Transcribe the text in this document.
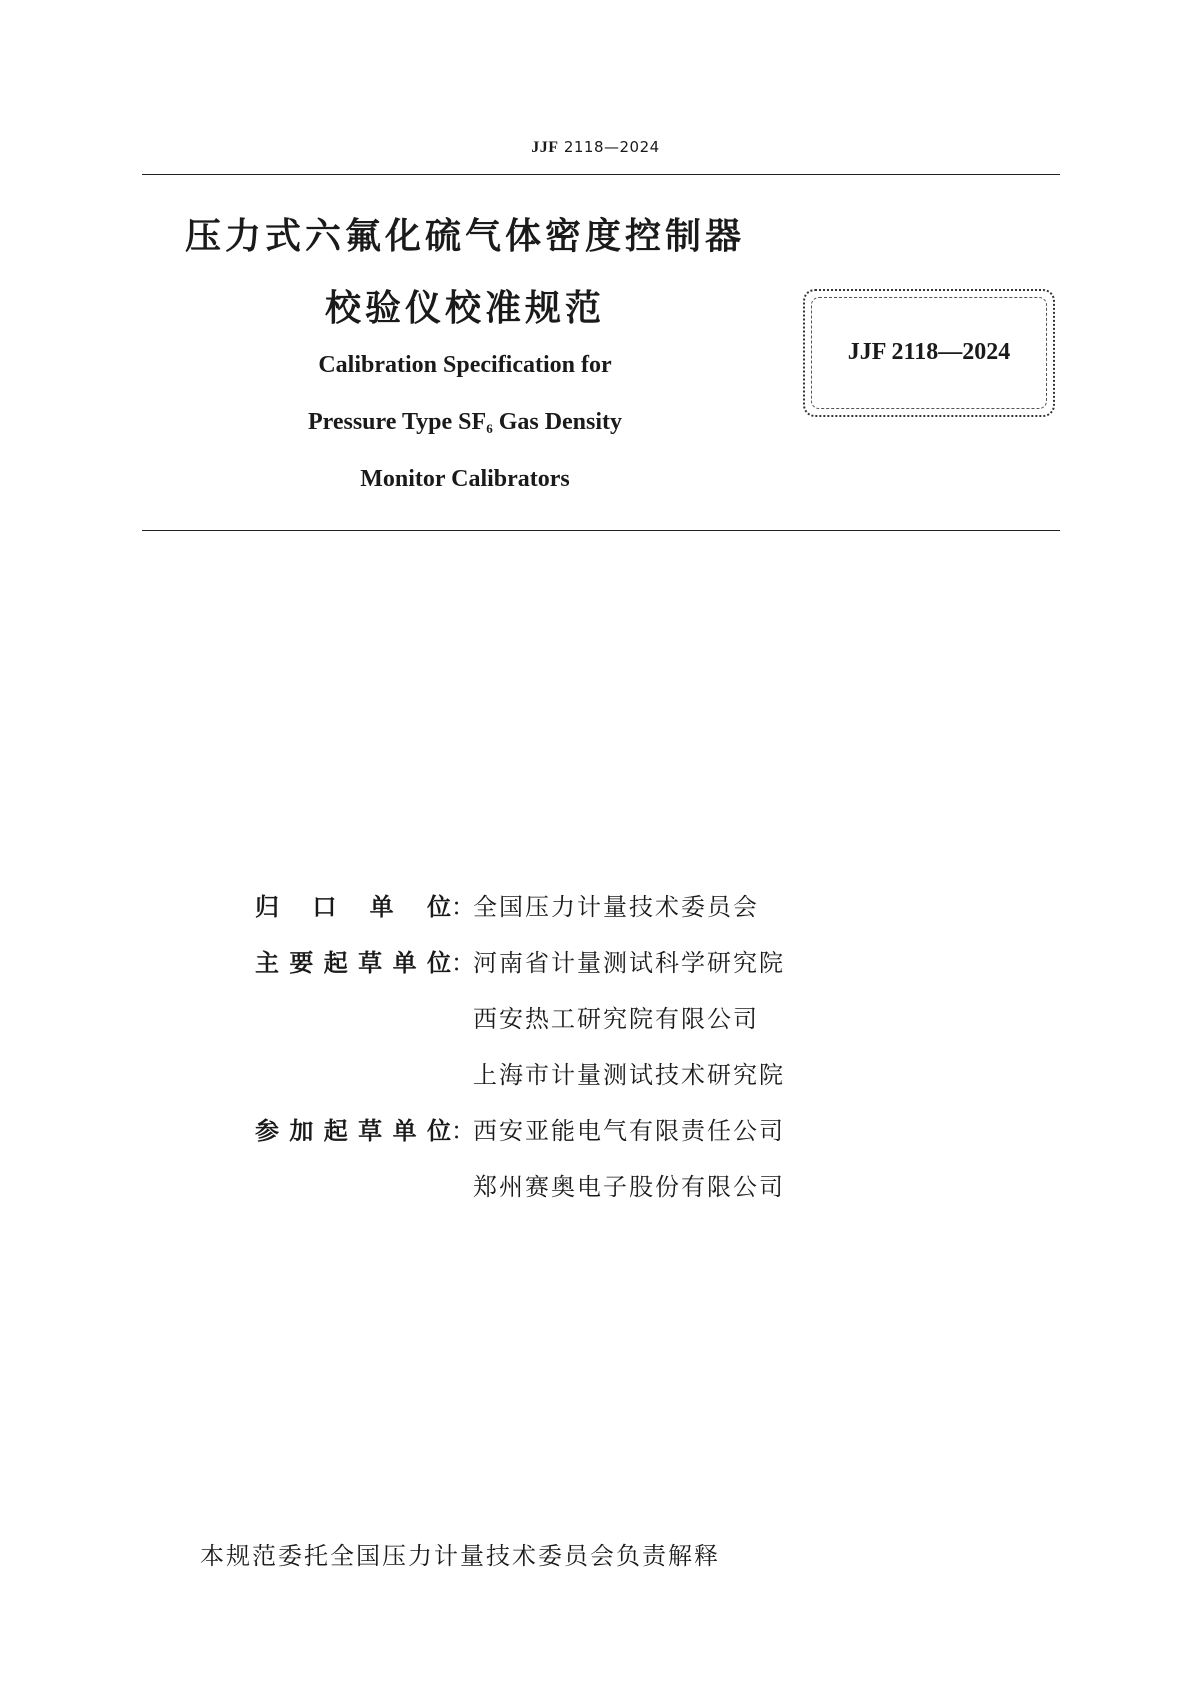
JJF 2118—2024
压力式六氟化硫气体密度控制器
校验仪校准规范
Calibration Specification for
Pressure Type $SF_6$ Gas Density
Monitor Calibrators
JJF 2118—2024
归 口 单 位 ：
全国压力计量技术委员会
主 要 起 草 单 位 ：
河南省计量测试科学研究院
西安热工研究院有限公司
上海市计量测试技术研究院
参 加 起 草 单 位 ：
西安亚能电气有限责任公司
郑州赛奥电子股份有限公司
本规范委托全国压力计量技术委员会负责解释
